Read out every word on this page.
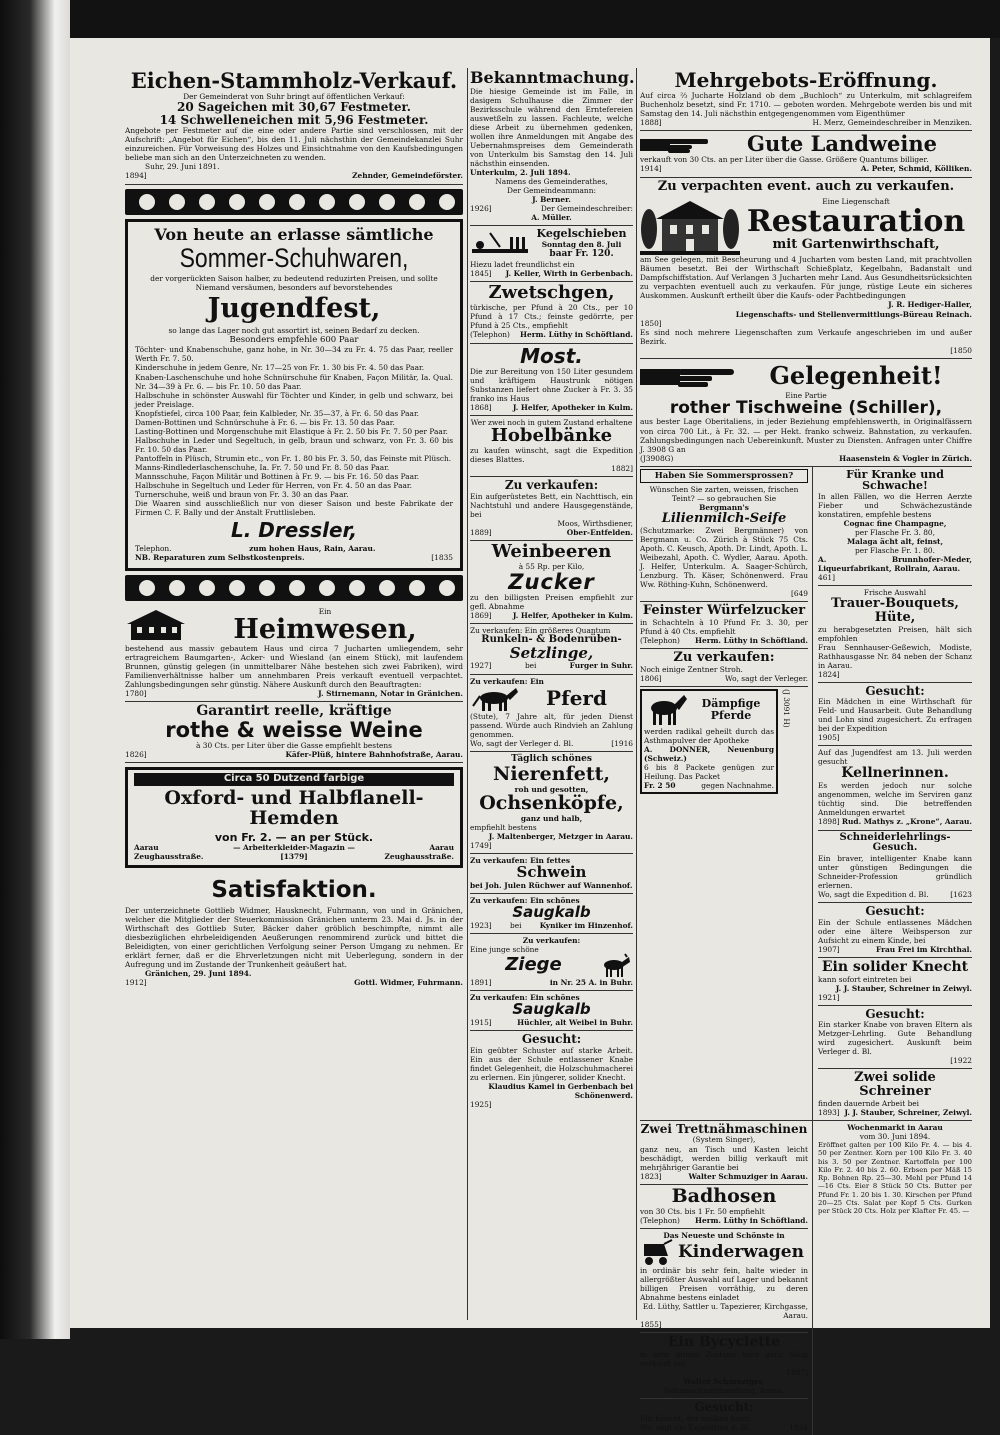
Eichen-Stammholz-Verkauf.
Der Gemeinderat von Suhr bringt auf öffentlichen Verkauf:
20 Sageichen mit 30,67 Festmeter.
14 Schwelleneichen mit 5,96 Festmeter.
Angebote per Festmeter auf die eine oder andere Partie sind verschlossen, mit der Aufschrift: „Angebot für Eichen“, bis den 11. Juli nächsthin der Gemeindekanzlei Suhr einzureichen. Für Vorweisung des Holzes und Einsichtnahme von den Kaufsbedingungen beliebe man sich an den Unterzeichneten zu wenden.
Suhr, 29. Juni 1891.
1894]	Zehnder, Gemeindeförster.
Von heute an erlasse sämtliche
Sommer-Schuhwaren,
der vorgerückten Saison halber, zu bedeutend reduzirten Preisen, und sollte Niemand versäumen, besonders auf bevorstehendes
Jugendfest,
so lange das Lager noch gut assortirt ist, seinen Bedarf zu decken.
Besonders empfehle 600 Paar
Töchter- und Knabenschuhe, ganz hohe, in Nr. 30—34 zu Fr. 4. 75 das Paar, reeller Werth Fr. 7. 50.
Kinderschuhe in jedem Genre, Nr. 17—25 von Fr. 1. 30 bis Fr. 4. 50 das Paar.
Knaben-Laschenschuhe und hohe Schnürschuhe für Knaben, Façon Militär, Ia. Qual. Nr. 34—39 à Fr. 6. — bis Fr. 10. 50 das Paar.
Halbschuhe in schönster Auswahl für Töchter und Kinder, in gelb und schwarz, bei jeder Preislage.
Knopfstiefel, circa 100 Paar, fein Kalbleder, Nr. 35—37, à Fr. 6. 50 das Paar.
Damen-Bottinen und Schnürschuhe à Fr. 6. — bis Fr. 13. 50 das Paar.
Lasting-Bottinen und Morgenschuhe mit Elastique à Fr. 2. 50 bis Fr. 7. 50 per Paar.
Halbschuhe in Leder und Segeltuch, in gelb, braun und schwarz, von Fr. 3. 60 bis Fr. 10. 50 das Paar.
Pantoffeln in Plüsch, Strumin etc., von Fr. 1. 80 bis Fr. 3. 50, das Feinste mit Plüsch.
Manns-Rindlederlaschenschuhe, Ia. Fr. 7. 50 und Fr. 8. 50 das Paar.
Mannsschuhe, Façon Militär und Bottinen à Fr. 9. — bis Fr. 16. 50 das Paar.
Halbschuhe in Segeltuch und Leder für Herren, von Fr. 4. 50 an das Paar.
Turnerschuhe, weiß und braun von Fr. 3. 30 an das Paar.
Die Waaren sind ausschließlich nur von dieser Saison und beste Fabrikate der Firmen C. F. Bally und der Anstalt Fruttlisleben.
L. Dressler,
Telephon.	zum hohen Haus, Rain, Aarau.
NB. Reparaturen zum Selbstkostenpreis.	[1835
Ein
Heimwesen,
bestehend aus massiv gebautem Haus und circa 7 Jucharten umliegendem, sehr ertragreichem Baumgarten-, Acker- und Wiesland (an einem Stück), mit laufendem Brunnen, günstig gelegen (in unmittelbarer Nähe bestehen sich zwei Fabriken), wird Familienverhältnisse halber um annehmbaren Preis verkauft eventuell verpachtet. Zahlungsbedingungen sehr günstig. Nähere Auskunft durch den Beauftragten:
1780]	J. Stirnemann, Notar in Gränichen.
Garantirt reelle, kräftige
rothe & weisse Weine
à 30 Cts. per Liter über die Gasse empfiehlt bestens
1826]	Käfer-Plüß, hintere Bahnhofstraße, Aarau.
Circa 50 Dutzend farbige
Oxford- und Halbflanell-Hemden
von Fr. 2. — an per Stück.
Aarau	— Arbeiterkleider-Magazin —	Aarau
Zeughausstraße.	[1379]	Zeughausstraße.
Satisfaktion.
Der unterzeichnete Gottlieb Widmer, Hausknecht, Fuhrmann, von und in Gränichen, welcher die Mitglieder der Steuerkommission Gränichen unterm 23. Mai d. Js. in der Wirthschaft des Gottlieb Suter, Bäcker daher gröblich beschimpfte, nimmt alle diesbezüglichen ehrbeleidigenden Aeußerungen renommirend zurück und bittet die Beleidigten, von einer gerichtlichen Verfolgung seiner Person Umgang zu nehmen. Er erklärt ferner, daß er die Ehrverletzungen nicht mit Ueberlegung, sondern in der Aufregung und im Zustande der Trunkenheit geäußert hat.
Gränichen, 29. Juni 1894.
1912]	Gottl. Widmer, Fuhrmann.
Bekanntmachung.
Die hiesige Gemeinde ist im Falle, in dasigem Schulhause die Zimmer der Bezirksschule während den Erntefereien auswetßeln zu lassen. Fachleute, welche diese Arbeit zu übernehmen gedenken, wollen ihre Anmeldungen mit Angabe des Uebernahmspreises dem Gemeinderath von Unterkulm bis Samstag den 14. Juli nächsthin einsenden.
Unterkulm, 2. Juli 1894.
Namens des Gemeinderathes,
Der Gemeindeammann:
J. Berner.
1926]	Der Gemeindeschreiber:
A. Müller.
Kegelschieben
Sonntag den 8. Juli
baar Fr. 120.
Hiezu ladet freundlichst ein
1845] J. Keller, Wirth in Gerbenbach.
Zwetschgen,
türkische, per Pfund à 20 Cts., per 10 Pfund à 17 Cts.; feinste gedörrte, per Pfund à 25 Cts., empfiehlt
(Telephon) Herm. Lüthy in Schöftland.
Most.
Die zur Bereitung von 150 Liter gesundem und kräftigem Haustrunk nötigen Substanzen liefert ohne Zucker à Fr. 3. 35 franko ins Haus
1868]	J. Helfer, Apotheker in Kulm.
Wer zwei noch in gutem Zustand erhaltene
Hobelbänke
zu kaufen wünscht, sagt die Expedition dieses Blattes.
1882]
Zu verkaufen:
Ein aufgerüstetes Bett, ein Nachttisch, ein Nachtstuhl und andere Hausgegenstände, bei
Moos, Wirthsdiener,
1889]	Ober-Entfelden.
Weinbeeren
à 55 Rp. per Kilo,
Zucker
zu den billigsten Preisen empfiehlt zur gefl. Abnahme
1869]	J. Helfer, Apotheker in Kulm.
Zu verkaufen: Ein größeres Quantum
Runkeln- & Bodenrüben-
Setzlinge,
1927]	bei	Furger in Suhr.
Zu verkaufen: Ein
Pferd
(Stute), 7 Jahre alt, für jeden Dienst passend. Würde auch Rindvieh an Zahlung genommen.
Wo, sagt der Verleger d. Bl.	[1916
Täglich schönes
Nierenfett,
roh und gesotten,
Ochsenköpfe,
ganz und halb,
empfiehlt bestens
J. Maltenberger, Metzger in Aarau.
1749]
Zu verkaufen: Ein fettes
Schwein
bei Joh. Julen Rüchwer auf Wannenhof.
Zu verkaufen: Ein schönes
Saugkalb
1923] bei Kyniker im Hinzenhof.
Zu verkaufen:
Eine junge schöne
Ziege
1891]	in Nr. 25 A. in Buhr.
Zu verkaufen: Ein schönes
Saugkalb
1915]	Hüchler, alt Weibel in Buhr.
Gesucht:
Ein geübter Schuster auf starke Arbeit. Ein aus der Schule entlassener Knabe findet Gelegenheit, die Holzschuhmacherei zu erlernen. Ein jüngerer, solider Knecht.
Klaudius Kamel in Gerbenbach bei Schönenwerd.
1925]
Mehrgebots-Eröffnung.
Auf circa ⅔ Jucharte Holzland ob dem „Buchloch“ zu Unterkulm, mit schlagreifem Buchenholz besetzt, sind Fr. 1710. — geboten worden. Mehrgebote werden bis und mit Samstag den 14. Juli nächsthin entgegengenommen vom Eigenthümer
1888]	H. Merz, Gemeindeschreiber in Menziken.
Gute Landweine
verkauft von 30 Cts. an per Liter über die Gasse. Größere Quantums billiger.
1914]	A. Peter, Schmid, Kölliken.
Zu verpachten event. auch zu verkaufen.
Eine Liegenschaft
Restauration
mit Gartenwirthschaft,
am See gelegen, mit Bescheurung und 4 Jucharten vom besten Land, mit prachtvollen Bäumen besetzt. Bei der Wirthschaft Schießplatz, Kegelbahn, Badanstalt und Dampfschiffstation. Auf Verlangen 3 Jucharten mehr Land. Aus Gesundheitsrücksichten zu verpachten eventuell auch zu verkaufen. Für junge, rüstige Leute ein sicheres Auskommen. Auskunft ertheilt über die Kaufs- oder Pachtbedingungen
J. R. Hediger-Haller,
Liegenschafts- und Stellenvermittlungs-Büreau Reinach.
1850]
Es sind noch mehrere Liegenschaften zum Verkaufe angeschrieben im und außer Bezirk.
[1850
Gelegenheit!
Eine Partie
rother Tischweine (Schiller),
aus bester Lage Oberitaliens, in jeder Beziehung empfehlenswerth, in Originalfässern von circa 700 Lit., à Fr. 32. — per Hekt. franko schweiz. Bahnstation, zu verkaufen. Zahlungsbedingungen nach Uebereinkunft. Muster zu Diensten. Anfragen unter Chiffre J. 3908 G an
(J3908G)	Haasenstein & Vogler in Zürich.
Haben Sie Sommersprossen?
Wünschen Sie zarten, weissen, frischen Teint? — so gebrauchen Sie
Bergmann's
Lilienmilch-Seife
(Schutzmarke: Zwei Bergmänner) von Bergmann u. Co. Zürich à Stück 75 Cts. Apoth. C. Keusch, Apoth. Dr. Lindt, Apoth. L. Weibezahl, Apoth. C. Wydler, Aarau. Apoth. J. Helfer, Unterkulm. A. Saager-Schürch, Lenzburg. Th. Käser, Schönenwerd. Frau Ww. Röthing-Kuhn, Schönenwerd.
[649
Feinster Würfelzucker
in Schachteln à 10 Pfund Fr. 3. 30, per Pfund à 40 Cts. empfiehlt
(Telephon) Herm. Lüthy in Schöftland.
Zu verkaufen:
Noch einige Zentner Stroh.
1806]	Wo, sagt der Verleger.
Dämpfige Pferde
werden radikal geheilt durch das Asthmapulver der Apotheke
A. DONNER, Neuenburg (Schweiz.)
6 bis 8 Packete genügen zur Heilung. Das Packet
Fr. 2 50	gegen Nachnahme.
(J 3091 H)
Für Kranke und Schwache!
In allen Fällen, wo die Herren Aerzte Fieber und Schwächezustände konstatiren, empfehle bestens
Cognac fine Champagne,
per Flasche Fr. 3. 80,
Malaga ächt alt, feinst,
per Flasche Fr. 1. 80.
A. Brunnhofer-Meder, Liqueurfabrikant, Rollrain, Aarau.
461]
Frische Auswahl
Trauer-Bouquets, Hüte,
zu herabgesetzten Preisen, hält sich empfohlen
Frau Sennhauser-Geßewich, Modiste, Rathhausgasse Nr. 84 neben der Schanz in Aarau.
1824]
Gesucht:
Ein Mädchen in eine Wirthschaft für Feld- und Hausarbeit. Gute Behandlung und Lohn sind zugesichert. Zu erfragen bei der Expedition
1905]
Auf das Jugendfest am 13. Juli werden gesucht
Kellnerinnen.
Es werden jedoch nur solche angenommen, welche im Serviren ganz tüchtig sind. Die betreffenden Anmeldungen erwartet
1898] Rud. Mathys z. „Krone“, Aarau.
Schneiderlehrlings-Gesuch.
Ein braver, intelligenter Knabe kann unter günstigen Bedingungen die Schneider-Profession gründlich erlernen.
Wo, sagt die Expedition d. Bl.	[1623
Gesucht:
Ein der Schule entlassenes Mädchen oder eine ältere Weibsperson zur Aufsicht zu einem Kinde, bei
1907]	Frau Frei im Kirchthal.
Ein solider Knecht
kann sofort eintreten bei
J. J. Stauber, Schreiner in Zeiwyl.
1921]
Gesucht:
Ein starker Knabe von braven Eltern als Metzger-Lehrling. Gute Behandlung wird zugesichert. Auskunft beim Verleger d. Bl.
[1922
Zwei solide Schreiner
finden dauernde Arbeit bei
1893] J. J. Stauber, Schreiner, Zeiwyl.
Zwei Trettnähmaschinen
(System Singer),
ganz neu, an Tisch und Kasten leicht beschädigt, werden billig verkauft mit mehrjähriger Garantie bei
1823]	Walter Schmuziger in Aarau.
Badhosen
von 30 Cts. bis 1 Fr. 50 empfiehlt
(Telephon) Herm. Lüthy in Schöftland.
Das Neueste und Schönste in
Kinderwagen
in ordinär bis sehr fein, halte wieder in allergrößter Auswahl auf Lager und bekannt billigen Preisen vorräthig, zu deren Abnahme bestens einladet
Ed. Lüthy, Sattler u. Tapezierer, Kirchgasse, Aarau.
1855]
Ein Bycyclette
in sehr gutem Zustand wird ganz billig verkauft bei
1887]
Walter Schmuziger,
Nähmaschinenhandlung, Aarau.
Gesucht:
Ein Knecht, der melken kann.
Wo, sagt die Expedition d. Bl.	1924
Wochenmarkt in Aarau
vom 30. Juni 1894.
Eröffnet galten per 100 Kilo Fr. 4. — bis 4. 50 per Zentner. Korn per 100 Kilo Fr. 3. 40 bis 3. 50 per Zentner. Kartoffeln per 100 Kilo Fr. 2. 40 bis 2. 60. Erbsen per Mäß 15 Rp. Bohnen Rp. 25—30. Mehl per Pfund 14—16 Cts. Eier 8 Stück 50 Cts. Butter per Pfund Fr. 1. 20 bis 1. 30. Kirschen per Pfund 20—25 Cts. Salat per Kopf 5 Cts. Gurken per Stück 20 Cts. Holz per Klafter Fr. 45. —
